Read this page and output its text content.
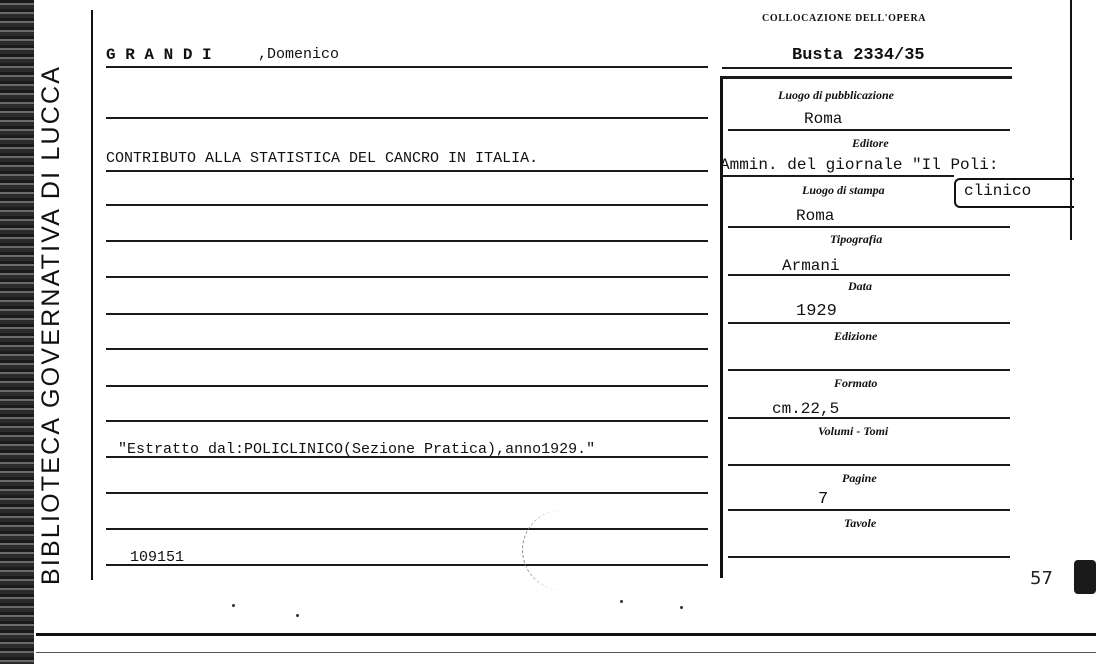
BIBLIOTECA GOVERNATIVA DI LUCCA
COLLOCAZIONE DELL'OPERA
Busta 2334/35
G R A N D I	,Domenico
CONTRIBUTO ALLA STATISTICA DEL CANCRO IN ITALIA.
"Estratto dal:POLICLINICO(Sezione Pratica),anno1929."
109151
Luogo di pubblicazione
Roma
Editore
Ammin. del giornale "Il Poli:
clinico
Luogo di stampa
Roma
Tipografia
Armani
Data
1929
Edizione
Formato
cm.22,5
Volumi - Tomi
Pagine
7
Tavole
57
